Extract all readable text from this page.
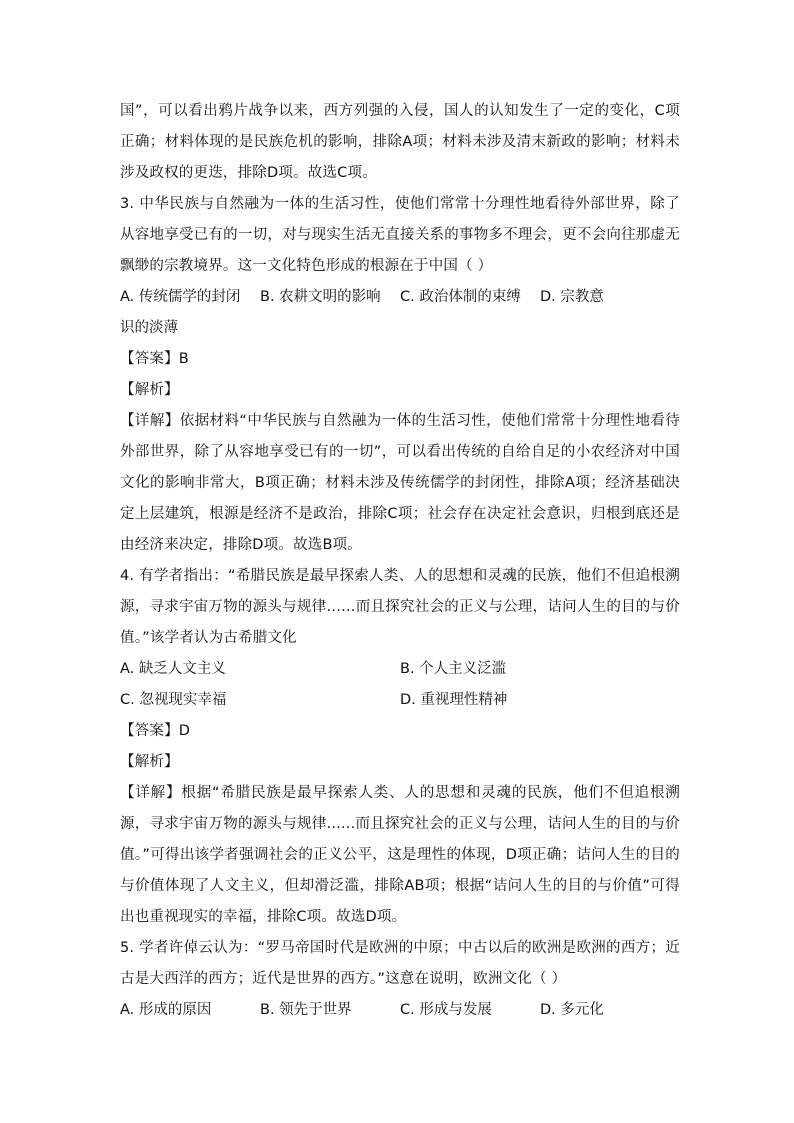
国”，可以看出鸦片战争以来，西方列强的入侵，国人的认知发生了一定的变化，C项正确；材料体现的是民族危机的影响，排除A项；材料未涉及清末新政的影响；材料未涉及政权的更迭，排除D项。故选C项。

3. 中华民族与自然融为一体的生活习性，使他们常常十分理性地看待外部世界，除了从容地享受已有的一切，对与现实生活无直接关系的事物多不理会，更不会向往那虚无飘缈的宗教境界。这一文化特色形成的根源在于中国（ ）

A. 传统儒学的封闭	B. 农耕文明的影响	C. 政治体制的束缚	D. 宗教意

识的淡薄

【答案】B

【解析】

【详解】依据材料“中华民族与自然融为一体的生活习性，使他们常常十分理性地看待外部世界，除了从容地享受已有的一切”，可以看出传统的自给自足的小农经济对中国文化的影响非常大，B项正确；材料未涉及传统儒学的封闭性，排除A项；经济基础决定上层建筑，根源是经济不是政治，排除C项；社会存在决定社会意识，归根到底还是由经济来决定，排除D项。故选B项。

4. 有学者指出：“希腊民族是最早探索人类、人的思想和灵魂的民族，他们不但追根溯源，寻求宇宙万物的源头与规律……而且探究社会的正义与公理，诘问人生的目的与价值。”该学者认为古希腊文化

A. 缺乏人文主义	B. 个人主义泛滥
C. 忽视现实幸福	D. 重视理性精神

【答案】D

【解析】

【详解】根据“希腊民族是最早探索人类、人的思想和灵魂的民族，他们不但追根溯源，寻求宇宙万物的源头与规律......而且探究社会的正义与公理，诘问人生的目的与价值。”可得出该学者强调社会的正义公平，这是理性的体现，D项正确；诘问人生的目的与价值体现了人文主义，但却滑泛滥，排除AB项；根据“诘问人生的目的与价值”可得出也重视现实的幸福，排除C项。故选D项。

5. 学者许倬云认为：“罗马帝国时代是欧洲的中原；中古以后的欧洲是欧洲的西方；近古是大西洋的西方；近代是世界的西方。”这意在说明，欧洲文化（ ）

A. 形成的原因	B. 领先于世界	C. 形成与发展	D. 多元化
